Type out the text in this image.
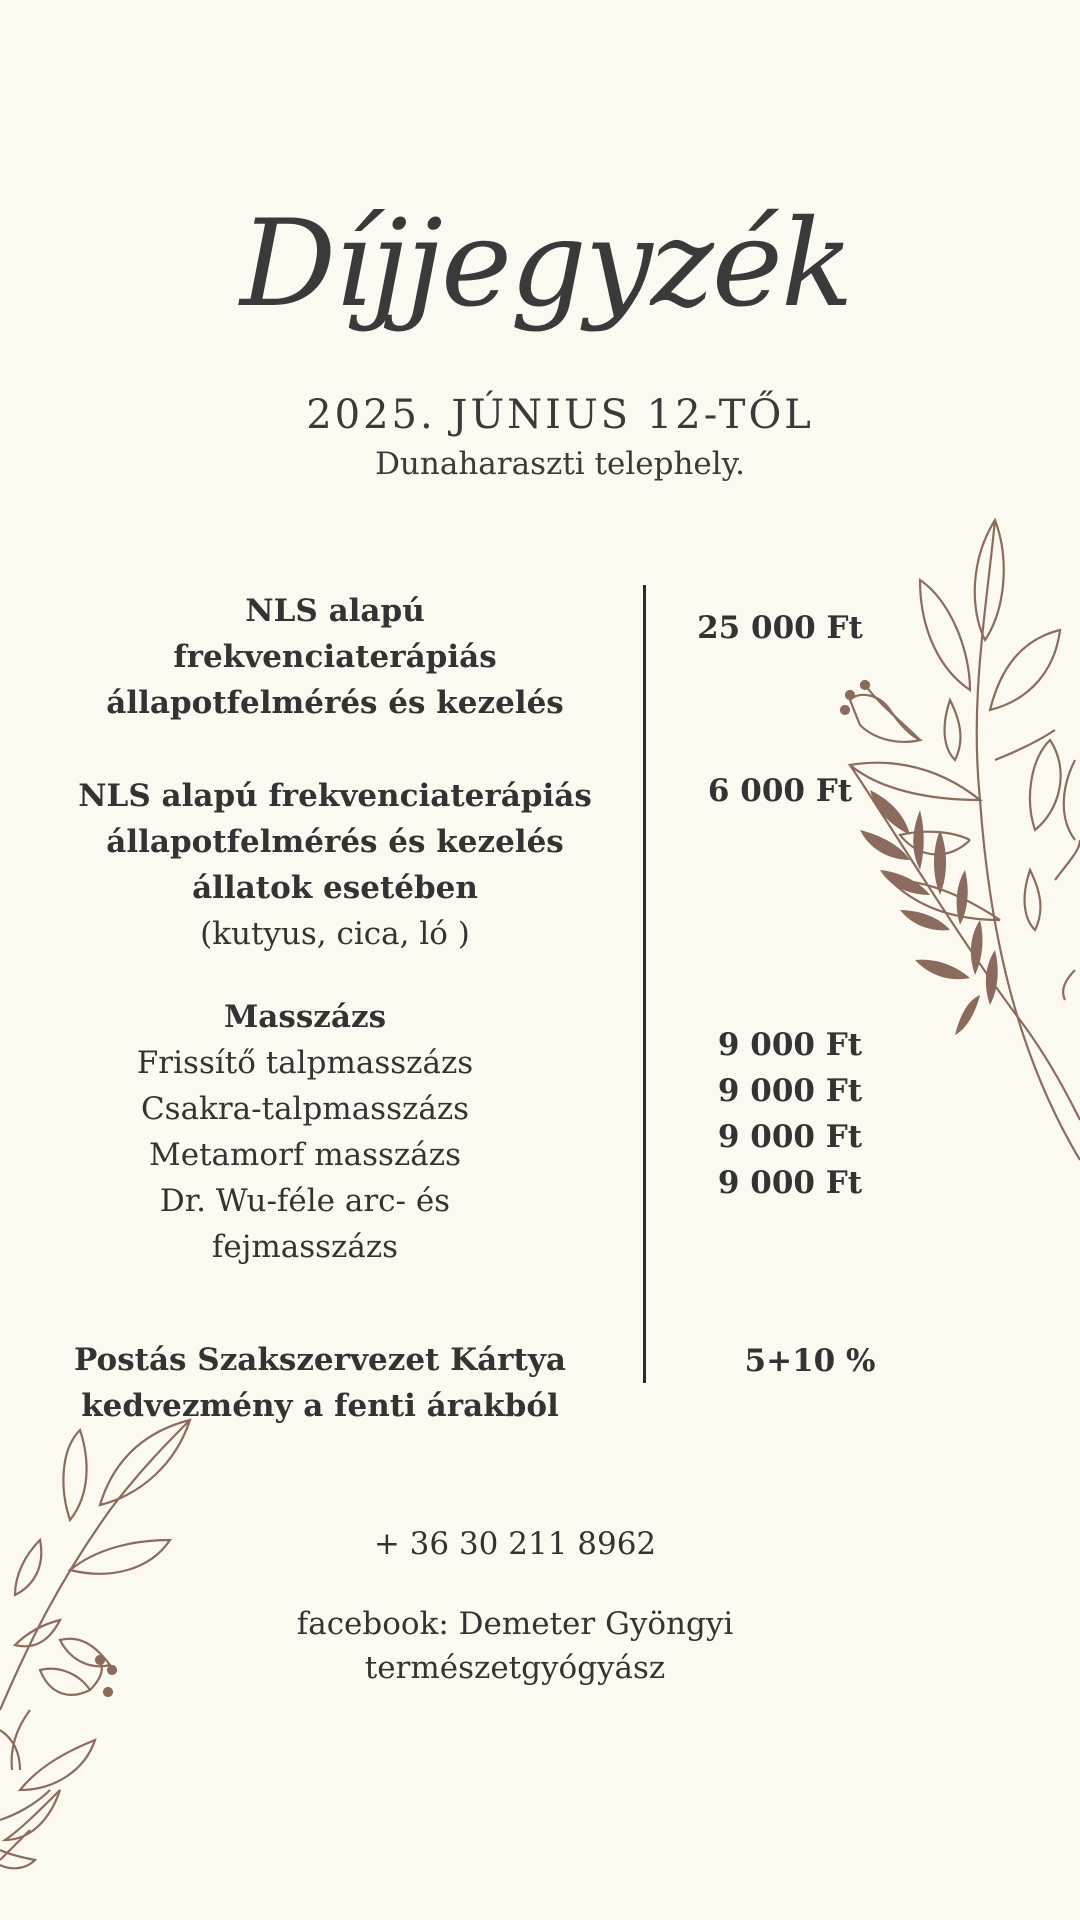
Díjjegyzék
2025. JÚNIUS 12-TŐL
Dunaharaszti telephely.
NLS alapú
frekvenciaterápiás
állapotfelmérés és kezelés
25 000 Ft
NLS alapú frekvenciaterápiás
állapotfelmérés és kezelés
állatok esetében
(kutyus, cica, ló )
6 000 Ft
Masszázs
Frissítő talpmasszázs
Csakra-talpmasszázs
Metamorf masszázs
Dr. Wu-féle arc- és
fejmasszázs
9 000 Ft
9 000 Ft
9 000 Ft
9 000 Ft
Postás Szakszervezet Kártya
kedvezmény a fenti árakból
5+10 %
+ 36 30 211 8962
facebook: Demeter Gyöngyi
természetgyógyász
